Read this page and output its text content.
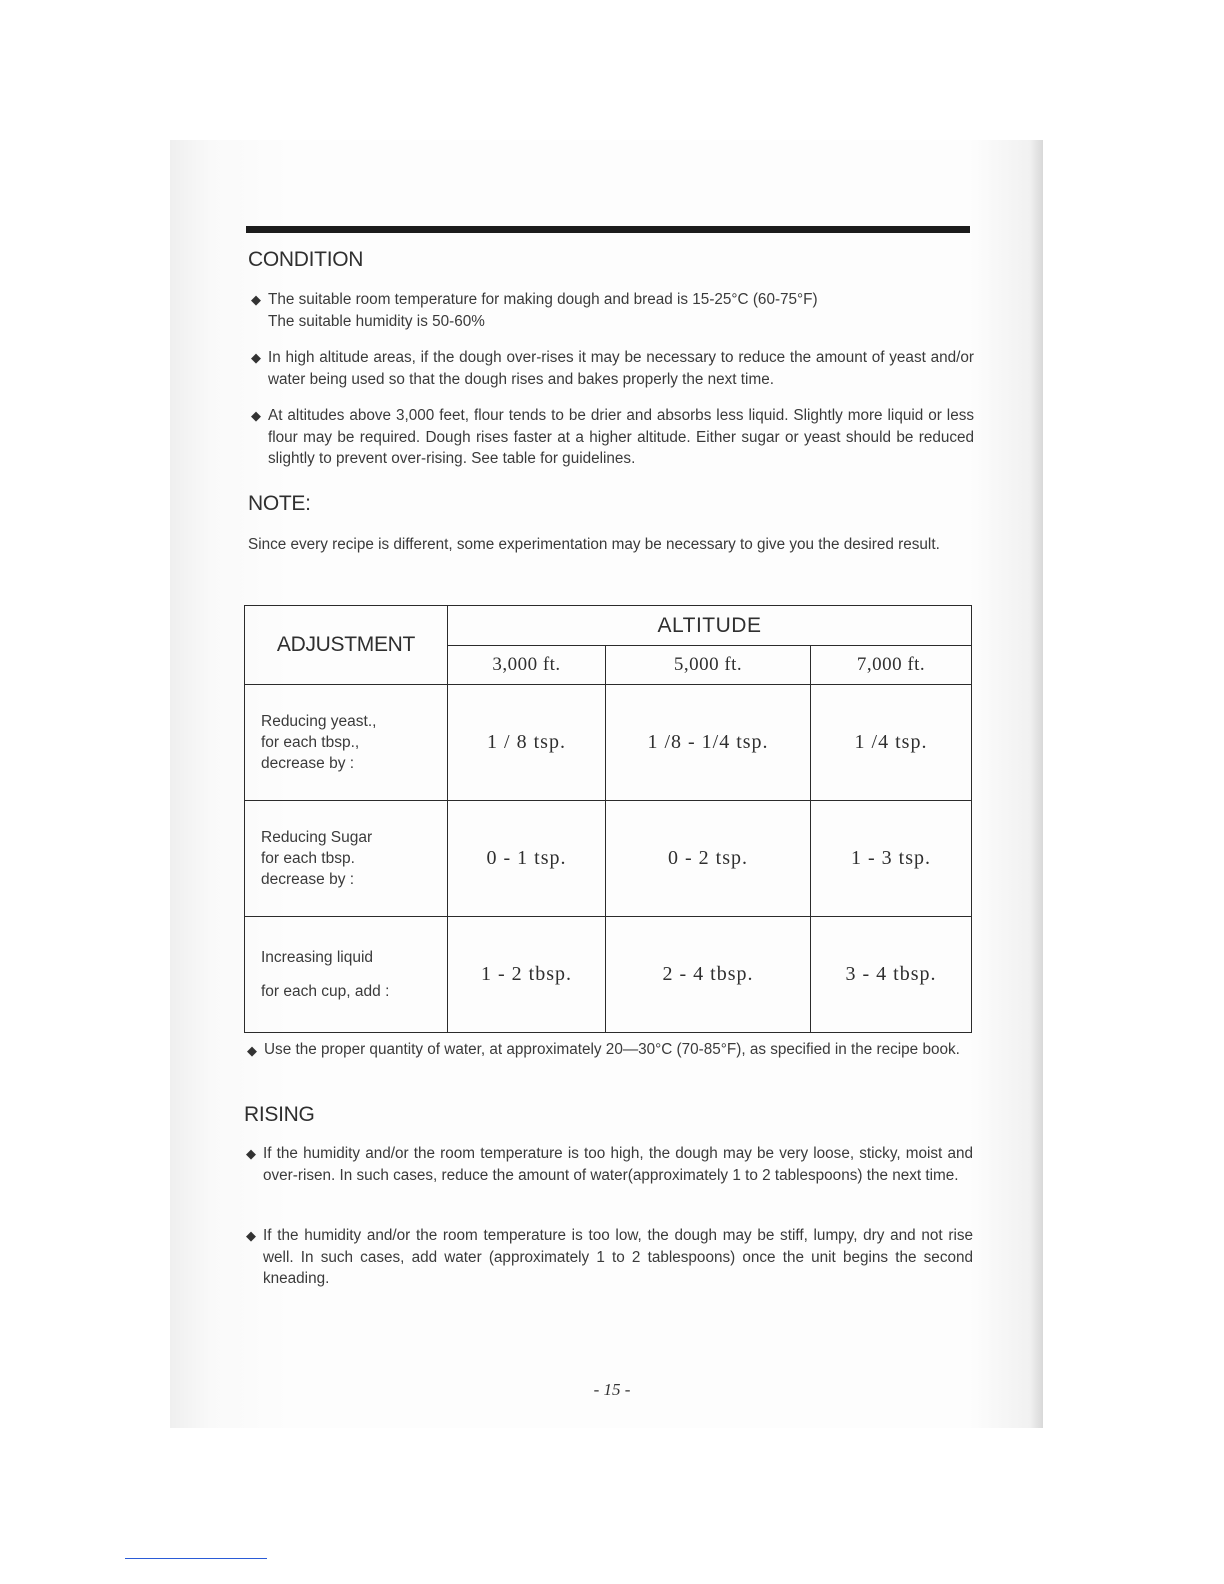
CONDITION
◆ The suitable room temperature for making dough and bread is 15-25°C (60-75°F)
The suitable humidity is 50-60%
◆ In high altitude areas, if the dough over-rises it may be necessary to reduce the amount of yeast and/or water being used so that the dough rises and bakes properly the next time.
◆ At altitudes above 3,000 feet, flour tends to be drier and absorbs less liquid. Slightly more liquid or less flour may be required. Dough rises faster at a higher altitude. Either sugar or yeast should be reduced slightly to prevent over-rising. See table for guidelines.
NOTE:
Since every recipe is different, some experimentation may be necessary to give you the desired result.
ADJUSTMENT	ALTITUDE		
	3,000 ft.	5,000 ft.	7,000 ft.

Reducing yeast.,
for each tbsp.,
decrease by :	1 / 8 tsp.	1 /8 - 1/4 tsp.	1 /4 tsp.

Reducing Sugar
for each tbsp.
decrease by :	0 - 1 tsp.	0 - 2 tsp.	1 - 3 tsp.

Increasing liquid
for each cup, add :	1 - 2 tbsp.	2 - 4 tbsp.	3 - 4 tbsp.
◆ Use the proper quantity of water, at approximately 20—30°C (70-85°F), as specified in the recipe book.
RISING
◆ If the humidity and/or the room temperature is too high, the dough may be very loose, sticky, moist and over-risen. In such cases, reduce the amount of water(approximately 1 to 2 tablespoons) the next time.
◆ If the humidity and/or the room temperature is too low, the dough may be stiff, lumpy, dry and not rise well. In such cases, add water (approximately 1 to 2 tablespoons) once the unit begins the second kneading.
- 15 -
